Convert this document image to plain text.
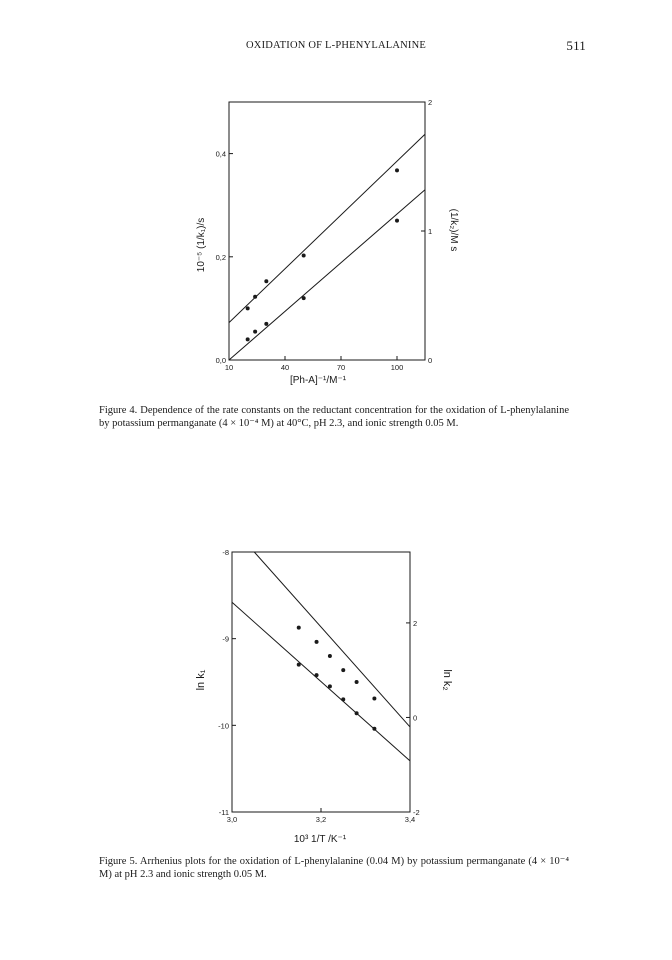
OXIDATION OF L-PHENYLALANINE	511
10⁻⁵ (1/k₁)/s	(1/k₂)/M s
[Ph-A]⁻¹/M⁻¹
10	40	70	100
0,0
0,2
0,4
0
1
2
Figure 4. Dependence of the rate constants on the reductant concentration for the oxidation of L-phenylalanine by potassium permanganate (4 × 10⁻⁴ M) at 40°C, pH 2.3, and ionic strength 0.05 M.
ln k₁	ln k₂
10³ 1/T /K⁻¹
3,0	3,2	3,4
-8
-9
-10
-11
2
0
-2
Figure 5. Arrhenius plots for the oxidation of L-phenylalanine (0.04 M) by potassium permanganate (4 × 10⁻⁴ M) at pH 2.3 and ionic strength 0.05 M.
